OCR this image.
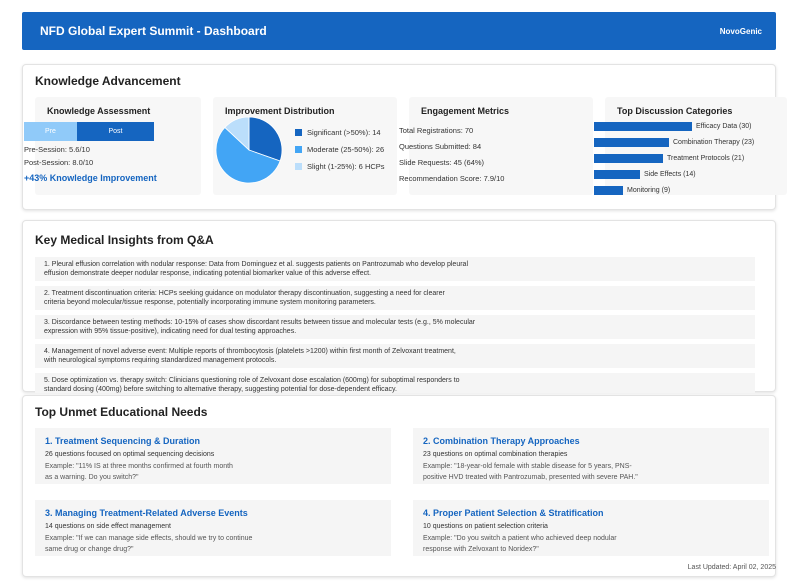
NFD Global Expert Summit - Dashboard	NovoGenic
Knowledge Advancement
Knowledge Assessment	Improvement Distribution	Engagement Metrics	Top Discussion Categories
Pre	Post
Pre-Session: 5.6/10
Post-Session: 8.0/10
+43% Knowledge Improvement
Significant (>50%): 14
Moderate (25-50%): 26
Slight (1-25%): 6 HCPs
Total Registrations: 70
Questions Submitted: 84
Slide Requests: 45 (64%)
Recommendation Score: 7.9/10
Efficacy Data (30)
Combination Therapy (23)
Treatment Protocols (21)
Side Effects (14)
Monitoring (9)
Key Medical Insights from Q&A
1. Pleural effusion correlation with nodular response: Data from Dominguez et al. suggests patients on Pantrozumab who develop pleural
effusion demonstrate deeper nodular response, indicating potential biomarker value of this adverse effect.
2. Treatment discontinuation criteria: HCPs seeking guidance on modulator therapy discontinuation, suggesting a need for clearer
criteria beyond molecular/tissue response, potentially incorporating immune system monitoring parameters.
3. Discordance between testing methods: 10-15% of cases show discordant results between tissue and molecular tests (e.g., 5% molecular
expression with 95% tissue-positive), indicating need for dual testing approaches.
4. Management of novel adverse event: Multiple reports of thrombocytosis (platelets >1200) within first month of Zelvoxant treatment,
with neurological symptoms requiring standardized management protocols.
5. Dose optimization vs. therapy switch: Clinicians questioning role of Zelvoxant dose escalation (600mg) for suboptimal responders to
standard dosing (400mg) before switching to alternative therapy, suggesting potential for dose-dependent efficacy.
Top Unmet Educational Needs
1. Treatment Sequencing & Duration
26 questions focused on optimal sequencing decisions
Example: "11% IS at three months confirmed at fourth month
as a warning. Do you switch?"
2. Combination Therapy Approaches
23 questions on optimal combination therapies
Example: "18-year-old female with stable disease for 5 years, PNS-
positive HVD treated with Pantrozumab, presented with severe PAH."
3. Managing Treatment-Related Adverse Events
14 questions on side effect management
Example: "If we can manage side effects, should we try to continue
same drug or change drug?"
4. Proper Patient Selection & Stratification
10 questions on patient selection criteria
Example: "Do you switch a patient who achieved deep nodular
response with Zelvoxant to Noridex?"
Last Updated: April 02, 2025
